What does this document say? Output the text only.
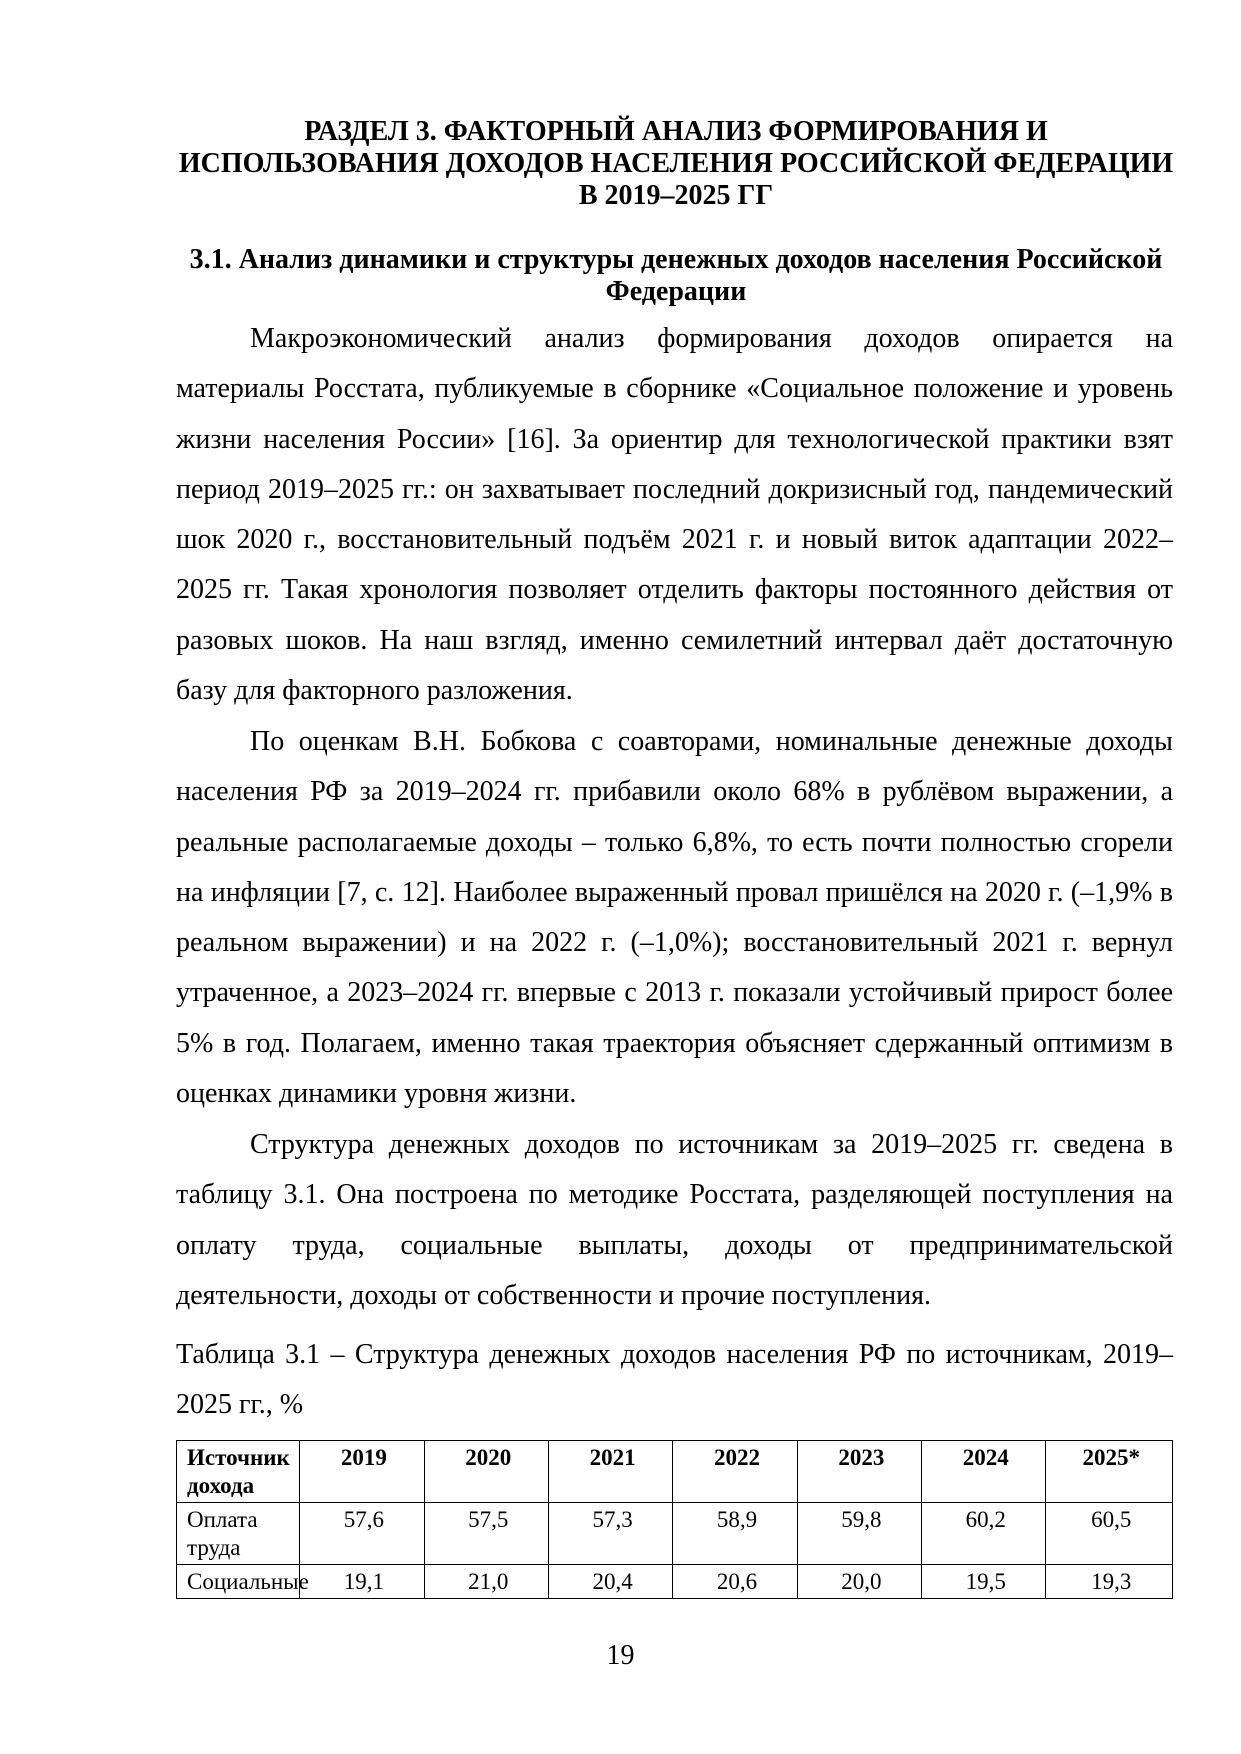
РАЗДЕЛ 3. ФАКТОРНЫЙ АНАЛИЗ ФОРМИРОВАНИЯ И ИСПОЛЬЗОВАНИЯ ДОХОДОВ НАСЕЛЕНИЯ РОССИЙСКОЙ ФЕДЕРАЦИИ В 2019–2025 ГГ
3.1. Анализ динамики и структуры денежных доходов населения Российской Федерации

Макроэкономический анализ формирования доходов опирается на материалы Росстата, публикуемые в сборнике «Социальное положение и уровень жизни населения России» [16]. За ориентир для технологической практики взят период 2019–2025 гг.: он захватывает последний докризисный год, пандемический шок 2020 г., восстановительный подъём 2021 г. и новый виток адаптации 2022–2025 гг. Такая хронология позволяет отделить факторы постоянного действия от разовых шоков. На наш взгляд, именно семилетний интервал даёт достаточную базу для факторного разложения.

По оценкам В.Н. Бобкова с соавторами, номинальные денежные доходы населения РФ за 2019–2024 гг. прибавили около 68% в рублёвом выражении, а реальные располагаемые доходы – только 6,8%, то есть почти полностью сгорели на инфляции [7, с. 12]. Наиболее выраженный провал пришёлся на 2020 г. (–1,9% в реальном выражении) и на 2022 г. (–1,0%); восстановительный 2021 г. вернул утраченное, а 2023–2024 гг. впервые с 2013 г. показали устойчивый прирост более 5% в год. Полагаем, именно такая траектория объясняет сдержанный оптимизм в оценках динамики уровня жизни.

Структура денежных доходов по источникам за 2019–2025 гг. сведена в таблицу 3.1. Она построена по методике Росстата, разделяющей поступления на оплату труда, социальные выплаты, доходы от предпринимательской деятельности, доходы от собственности и прочие поступления.

Таблица 3.1 – Структура денежных доходов населения РФ по источникам, 2019–2025 гг., %

Источник дохода	2019	2020	2021	2022	2023	2024	2025*
Оплата труда	57,6	57,5	57,3	58,9	59,8	60,2	60,5
Социальные	19,1	21,0	20,4	20,6	20,0	19,5	19,3
19
